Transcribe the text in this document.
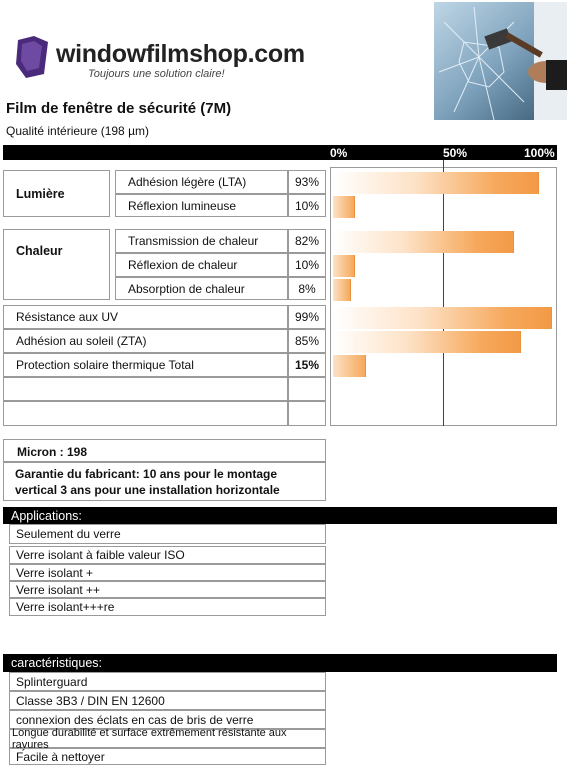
windowfilmshop.com
Toujours une solution claire!
Film de fenêtre de sécurité (7M)
Qualité intérieure (198 µm)
0%	50%	100%
Lumière
Adhésion légère (LTA)	93%
Réflexion lumineuse	10%
Chaleur
Transmission de chaleur	82%
Réflexion de chaleur	10%
Absorption de chaleur	8%
Résistance aux UV	99%
Adhésion au soleil (ZTA)	85%
Protection solaire thermique Total	15%
Micron : 198
Garantie du fabricant: 10 ans pour le montage vertical 3 ans pour une installation horizontale
Applications:
Seulement du verre
Verre isolant à faible valeur ISO
Verre isolant +
Verre isolant ++
Verre isolant+++re
caractéristiques:
Splinterguard
Classe 3B3 / DIN EN 12600
connexion des éclats en cas de bris de verre
Longue durabilité et surface extrêmement résistante aux rayures
Facile à nettoyer
